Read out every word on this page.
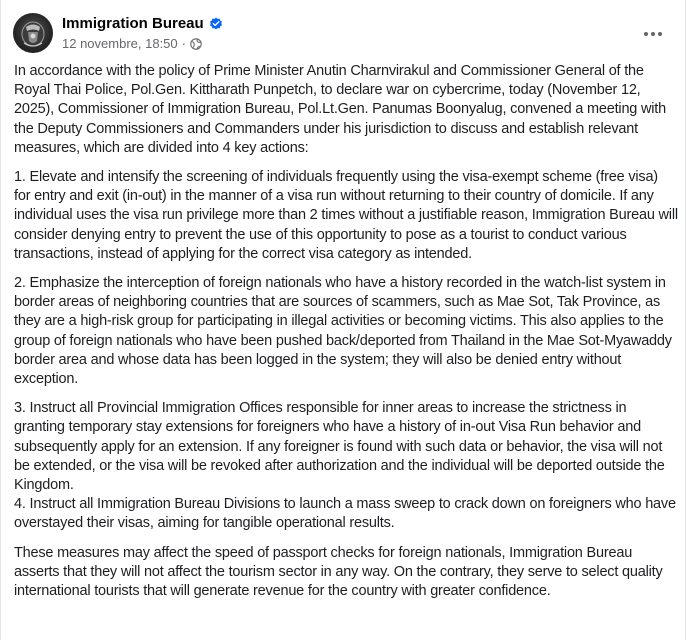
Immigration Bureau
12 novembre, 18:50 ·

In accordance with the policy of Prime Minister Anutin Charnvirakul and Commissioner General of the Royal Thai Police, Pol.Gen. Kittharath Punpetch, to declare war on cybercrime, today (November 12, 2025), Commissioner of Immigration Bureau, Pol.Lt.Gen. Panumas Boonyalug, convened a meeting with the Deputy Commissioners and Commanders under his jurisdiction to discuss and establish relevant measures, which are divided into 4 key actions:

1. Elevate and intensify the screening of individuals frequently using the visa-exempt scheme (free visa) for entry and exit (in-out) in the manner of a visa run without returning to their country of domicile. If any individual uses the visa run privilege more than 2 times without a justifiable reason, Immigration Bureau will consider denying entry to prevent the use of this opportunity to pose as a tourist to conduct various transactions, instead of applying for the correct visa category as intended.

2. Emphasize the interception of foreign nationals who have a history recorded in the watch-list system in border areas of neighboring countries that are sources of scammers, such as Mae Sot, Tak Province, as they are a high-risk group for participating in illegal activities or becoming victims. This also applies to the group of foreign nationals who have been pushed back/deported from Thailand in the Mae Sot-Myawaddy border area and whose data has been logged in the system; they will also be denied entry without exception.

3. Instruct all Provincial Immigration Offices responsible for inner areas to increase the strictness in granting temporary stay extensions for foreigners who have a history of in-out Visa Run behavior and subsequently apply for an extension. If any foreigner is found with such data or behavior, the visa will not be extended, or the visa will be revoked after authorization and the individual will be deported outside the Kingdom.

4. Instruct all Immigration Bureau Divisions to launch a mass sweep to crack down on foreigners who have overstayed their visas, aiming for tangible operational results.

These measures may affect the speed of passport checks for foreign nationals, Immigration Bureau asserts that they will not affect the tourism sector in any way. On the contrary, they serve to select quality international tourists that will generate revenue for the country with greater confidence.
